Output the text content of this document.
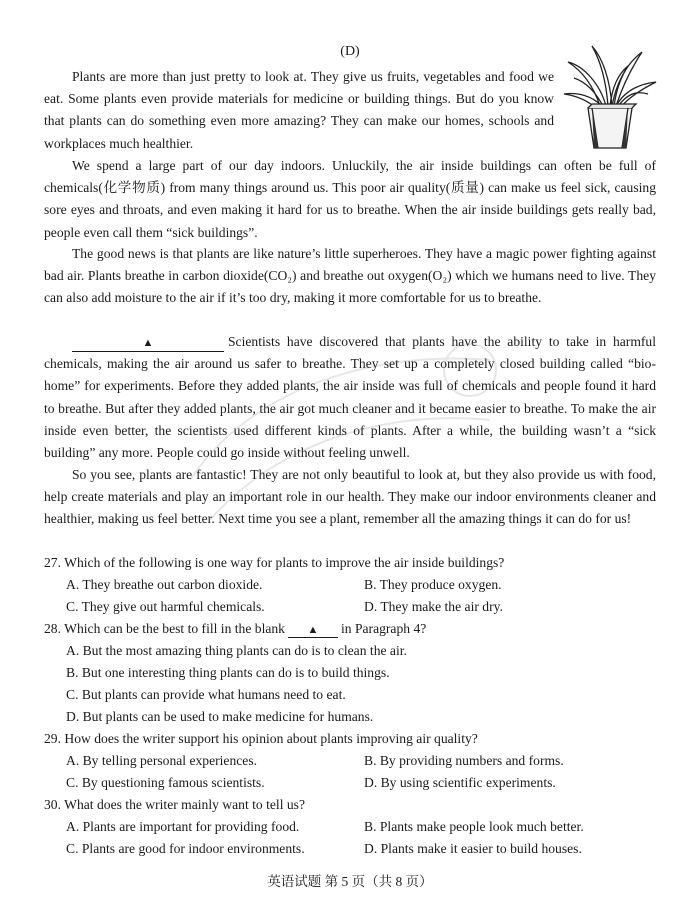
(D)

Plants are more than just pretty to look at. They give us fruits, vegetables and food we eat. Some plants even provide materials for medicine or building things. But do you know that plants can do something even more amazing? They can make our homes, schools and workplaces much healthier.

We spend a large part of our day indoors. Unluckily, the air inside buildings can often be full of chemicals(化学物质) from many things around us. This poor air quality(质量) can make us feel sick, causing sore eyes and throats, and even making it hard for us to breathe. When the air inside buildings gets really bad, people even call them “sick buildings”.

The good news is that plants are like nature’s little superheroes. They have a magic power fighting against bad air. Plants breathe in carbon dioxide(CO₂) and breathe out oxygen(O₂) which we humans need to live. They can also add moisture to the air if it’s too dry, making it more comfortable for us to breathe.

▲	Scientists have discovered that plants have the ability to take in harmful chemicals, making the air around us safer to breathe. They set up a completely closed building called “bio-home” for experiments. Before they added plants, the air inside was full of chemicals and people found it hard to breathe. But after they added plants, the air got much cleaner and it became easier to breathe. To make the air inside even better, the scientists used different kinds of plants. After a while, the building wasn’t a “sick building” any more. People could go inside without feeling unwell.

So you see, plants are fantastic! They are not only beautiful to look at, but they also provide us with food, help create materials and play an important role in our health. They make our indoor environments cleaner and healthier, making us feel better. Next time you see a plant, remember all the amazing things it can do for us!

27. Which of the following is one way for plants to improve the air inside buildings?
A. They breathe out carbon dioxide.	B. They produce oxygen.
C. They give out harmful chemicals.	D. They make the air dry.
28. Which can be the best to fill in the blank ▲ in Paragraph 4?
A. But the most amazing thing plants can do is to clean the air.
B. But one interesting thing plants can do is to build things.
C. But plants can provide what humans need to eat.
D. But plants can be used to make medicine for humans.
29. How does the writer support his opinion about plants improving air quality?
A. By telling personal experiences.	B. By providing numbers and forms.
C. By questioning famous scientists.	D. By using scientific experiments.
30. What does the writer mainly want to tell us?
A. Plants are important for providing food.	B. Plants make people look much better.
C. Plants are good for indoor environments.	D. Plants make it easier to build houses.
英语试题 第 5 页（共 8 页）
